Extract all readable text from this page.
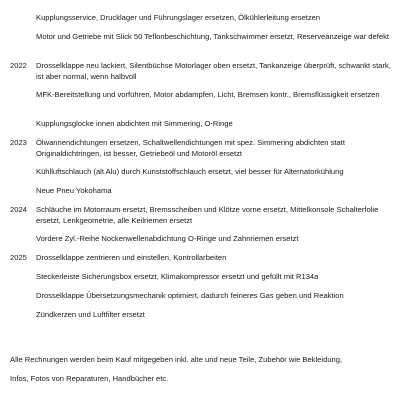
Kupplungsservice, Drucklager und Führungslager ersetzen, Ölkühlerleitung ersetzen
Motor und Getriebe mit Slick 50 Teflonbeschichtung, Tankschwimmer ersetzt, Reserveanzeige war defekt
2022	Drosselklappe neu lackiert, Silentbüchse Motorlager oben ersetzt, Tankanzeige überprüft, schwankt stark, ist aber normal, wenn halbvoll
MFK-Bereitstellung und vorführen, Motor abdampfen, Licht, Bremsen kontr., Bremsflüssigkeit ersetzen
Kupplungsglocke innen abdichten mit Simmering, O-Ringe
2023	Ölwannendichtungen ersetzen, Schaltwellendichtungen mit spez. Simmering abdichten statt Originaldichtringen, ist besser, Getriebeöl und Motoröl ersetzt
Kühlluftschlauch (alt Alu) durch Kunststoffschlauch ersetzt, viel besser für Alternatorkühlung
Neue Pneu Yokohama
2024	Schläuche im Motorraum ersetzt, Bremsscheiben und Klötze vorne ersetzt, Mittelkonsole Schalterfolie ersetzt, Lenkgeometrie, alle Keilriemen ersetzt
Vordere Zyl.-Reihe Nockenwellenabdichtung O-Ringe und Zahnriemen ersetzt
2025	Drosselklappe zentrieren und einstellen, Kontrollarbeiten
Steckerleiste Sicherungsbox ersetzt, Klimakompressor ersetzt und gefüllt mit R134a
Drosselklappe Übersetzungsmechanik optimiert, dadurch feineres Gas geben und Reaktion
Zündkerzen und Luftfilter ersetzt
Alle Rechnungen werden beim Kauf mitgegeben inkl. alte und neue Teile, Zubehör wie Bekleidung,
Infos, Fotos von Reparaturen, Handbücher etc.
